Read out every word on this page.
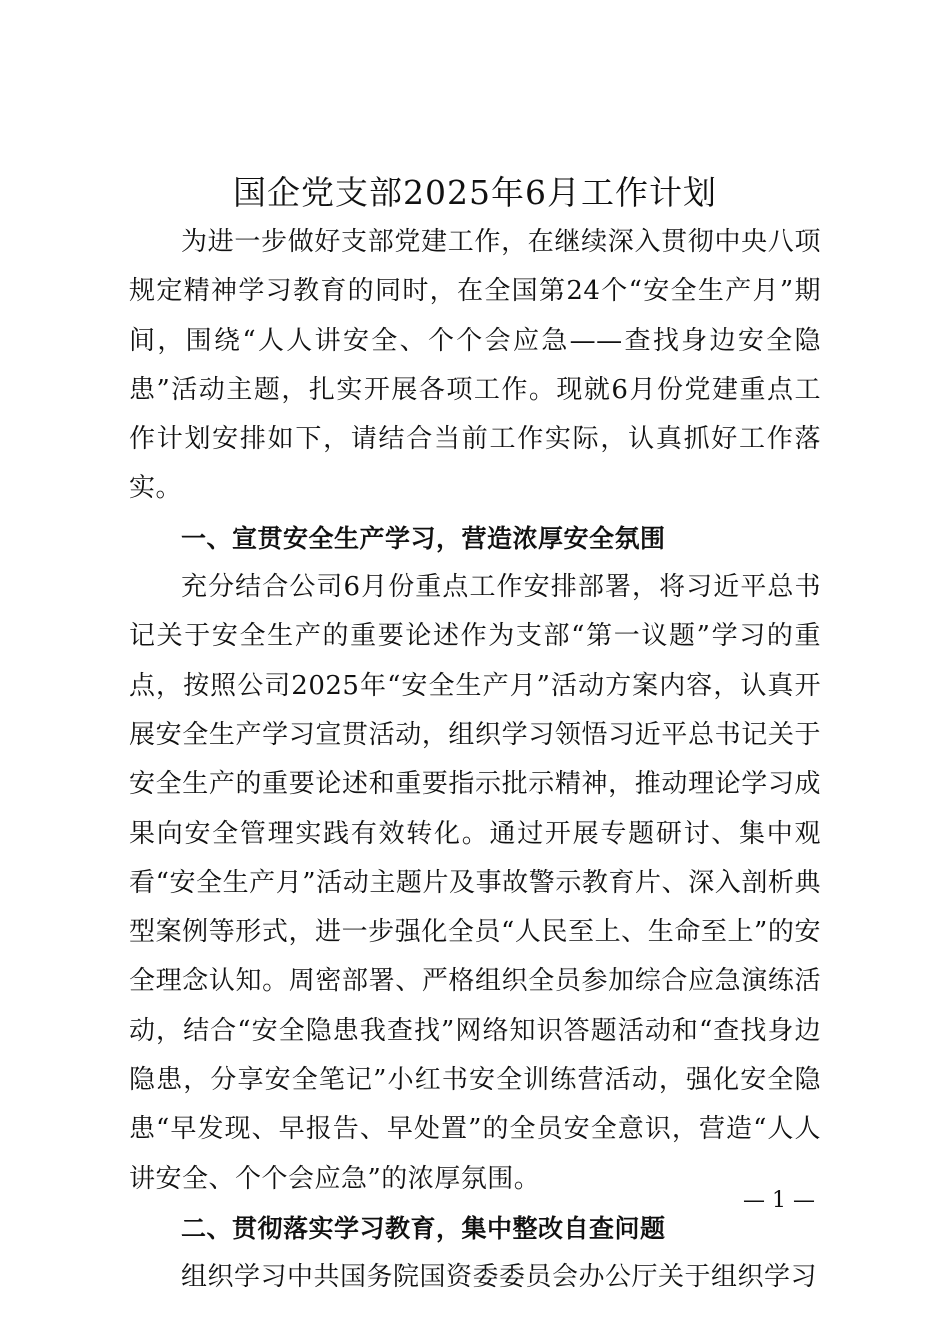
国企党支部2025年6月工作计划

为进一步做好支部党建工作，在继续深入贯彻中央八项规定精神学习教育的同时，在全国第24个“安全生产月”期间，围绕“人人讲安全、个个会应急——查找身边安全隐患”活动主题，扎实开展各项工作。现就6月份党建重点工作计划安排如下，请结合当前工作实际，认真抓好工作落实。

一、宣贯安全生产学习，营造浓厚安全氛围

充分结合公司6月份重点工作安排部署，将习近平总书记关于安全生产的重要论述作为支部“第一议题”学习的重点，按照公司2025年“安全生产月”活动方案内容，认真开展安全生产学习宣贯活动，组织学习领悟习近平总书记关于安全生产的重要论述和重要指示批示精神，推动理论学习成果向安全管理实践有效转化。通过开展专题研讨、集中观看“安全生产月”活动主题片及事故警示教育片、深入剖析典型案例等形式，进一步强化全员“人民至上、生命至上”的安全理念认知。周密部署、严格组织全员参加综合应急演练活动，结合“安全隐患我查找”网络知识答题活动和“查找身边隐患，分享安全笔记”小红书安全训练营活动，强化安全隐患“早发现、早报告、早处置”的全员安全意识，营造“人人讲安全、个个会应急”的浓厚氛围。

二、贯彻落实学习教育，集中整改自查问题

组织学习中共国务院国资委委员会办公厅关于组织学习

— 1 —
